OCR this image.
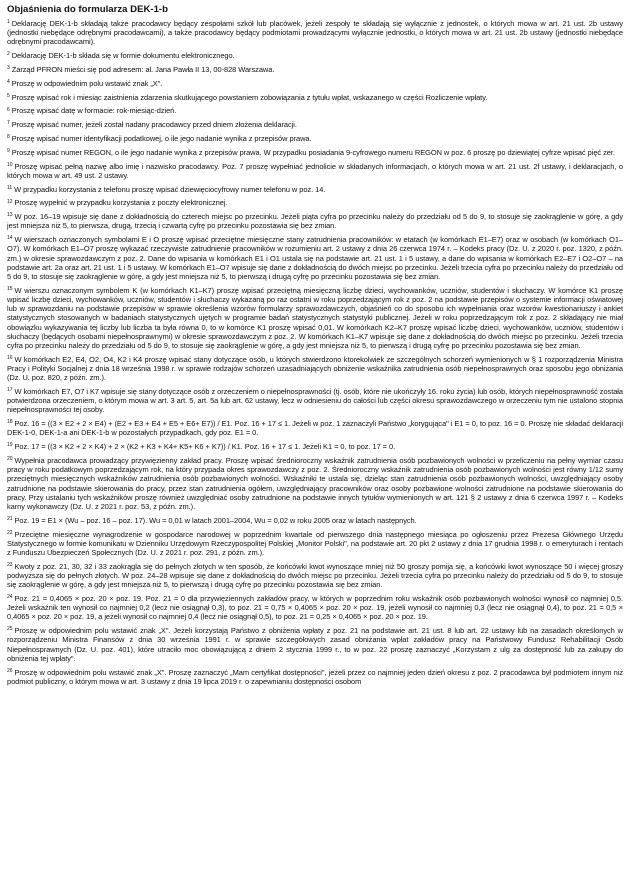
Objaśnienia do formularza DEK-1-b

$^1$ Deklarację DEK-1-b składają także pracodawcy będący zespołami szkół lub placówek, jeżeli zespoły te składają się wyłącznie z jednostek, o których mowa w art. 21 ust. 2b ustawy (jednostki niebędące odrębnymi pracodawcami), a także pracodawcy będący podmiotami prowadzącymi wyłącznie jednostki, o których mowa w art. 21 ust. 2b ustawy (jednostki niebędące odrębnymi pracodawcami).

$^2$ Deklarację DEK-1-b składa się w formie dokumentu elektronicznego.

$^3$ Zarząd PFRON mieści się pod adresem: al. Jana Pawła II 13, 00-828 Warszawa.

$^4$ Proszę w odpowiednim polu wstawić znak „X".

$^5$ Proszę wpisać rok i miesiąc zaistnienia zdarzenia skutkującego powstaniem zobowiązania z tytułu wpłat, wskazanego w części Rozliczenie wpłaty.

$^6$ Proszę wpisać datę w formacie: rok-miesiąc-dzień.

$^7$ Proszę wpisać numer, jeżeli został nadany pracodawcy przed dniem złożenia deklaracji.

$^8$ Proszę wpisać numer identyfikacji podatkowej, o ile jego nadanie wynika z przepisów prawa.

$^9$ Proszę wpisać numer REGON, o ile jego nadanie wynika z przepisów prawa. W przypadku posiadania 9-cyfrowego numeru REGON w poz. 6 proszę po dziewiątej cyfrze wpisać pięć zer.

$^{10}$ Proszę wpisać pełną nazwę albo imię i nazwisko pracodawcy. Poz. 7 proszę wypełniać jednolicie w składanych informacjach, o których mowa w art. 21 ust. 2f ustawy, i deklaracjach, o których mowa w art. 49 ust. 2 ustawy.

$^{11}$ W przypadku korzystania z telefonu proszę wpisać dziewięciocyfrowy numer telefonu w poz. 14.

$^{12}$ Proszę wypełnić w przypadku korzystania z poczty elektronicznej.

$^{13}$ W poz. 16–19 wpisuje się dane z dokładnością do czterech miejsc po przecinku. Jeżeli piąta cyfra po przecinku należy do przedziału od 5 do 9, to stosuje się zaokrąglenie w górę, a gdy jest mniejsza niż 5, to pierwsza, drugą, trzecią i czwartą cyfrę po przecinku pozostawia się bez zmian.

$^{14}$ W wierszach oznaczonych symbolami E i O proszę wpisać przeciętne miesięczne stany zatrudnienia pracowników: w etatach (w komórkach E1–E7) oraz w osobach (w komórkach O1–O7). W komórkach E1–O7 proszę wykazać rzeczywiste zatrudnienie pracowników w rozumieniu art. 2 ustawy z dnia 26 czerwca 1974 r. – Kodeks pracy (Dz. U. z 2020 r. poz. 1320, z późn. zm.) w okresie sprawozdawczym z poz. 2. Dane do wpisania w komórkach E1 i O1 ustala się na podstawie art. 21 ust. 1 i 5 ustawy, a dane do wpisania w komórkach E2–E7 i O2–O7 – na podstawie art. 2a oraz art. 21 ust. 1 i 5 ustawy. W komórkach E1–O7 wpisuje się dane z dokładnością do dwóch miejsc po przecinku. Jeżeli trzecia cyfra po przecinku należy do przedziału od 5 do 9, to stosuje się zaokrąglenie w górę, a gdy jest mniejsza niż 5, to pierwszą i drugą cyfrę po przecinku pozostawia się bez zmian.

$^{15}$ W wierszu oznaczonym symbolem K (w komórkach K1–K7) proszę wpisać przeciętną miesięczną liczbę dzieci, wychowanków, uczniów, studentów i słuchaczy. W komórce K1 proszę wpisać liczbę dzieci, wychowanków, uczniów, studentów i słuchaczy wykazaną po raz ostatni w roku poprzedzającym rok z poz. 2 na podstawie przepisów o systemie informacji oświatowej lub w sprawozdaniu na podstawie przepisów w sprawie określenia wzorów formularzy sprawozdawczych, objaśnień co do sposobu ich wypełniania oraz wzorów kwestionariuszy i ankiet statystycznych stosowanych w badaniach statystycznych ujętych w programie badań statystycznych statystyki publicznej. Jeżeli w roku poprzedzającym rok z poz. 2 składający nie miał obowiązku wykazywania tej liczby lub liczba ta była równa 0, to w komórce K1 proszę wpisać 0,01. W komórkach K2–K7 proszę wpisać liczbę dzieci, wychowanków, uczniów, studentów i słuchaczy (będących osobami niepełnosprawnymi) w okresie sprawozdawczym z poz. 2. W komórkach K1–K7 wpisuje się dane z dokładnością do dwóch miejsc po przecinku. Jeżeli trzecia cyfra po przecinku należy do przedziału od 5 do 9, to stosuje się zaokrąglenie w górę, a gdy jest mniejsza niż 5, to pierwszą i drugą cyfrę po przecinku pozostawia się bez zmian.

$^{16}$ W komórkach E2, E4, O2, O4, K2 i K4 proszę wpisać stany dotyczące osób, u których stwierdzono ktorekolwiek ze szczególnych schorzeń wymienionych w § 1 rozporządzenia Ministra Pracy i Polityki Socjalnej z dnia 18 września 1998 r. w sprawie rodzajów schorzeń uzasadniających obniżenie wskaźnika zatrudnienia osób niepełnosprawnych oraz sposobu jego obniżania (Dz. U. poz. 820, z późn. zm.).

$^{17}$ W komórkach E7, O7 i K7 wpisuje się stany dotyczące osób z orzeczeniem o niepełnosprawności (tj. osób, które nie ukończyły 16. roku życia) lub osób, których niepełnosprawność została potwierdzona orzeczeniem, o którym mowa w art. 3 art. 5, art. 5a lub art. 62 ustawy, lecz w odniesieniu do całości lub części okresu sprawozdawczego w orzeczeniu tym nie ustalono stopnia niepełnosprawności tej osoby.

$^{18}$ Poz. 16 = ((3 × E2 + 2 × E4) + (E2 + E3 + E4 + E5 + E6+ E7)) / E1. Poz. 16 + 17 ≤ 1. Jeżeli w poz. 1 zaznaczyli Państwo „korygująca" i E1 = 0, to poz. 16 = 0. Proszę nie składać deklaracji DEK-1-0, DEK-1-a ani DEK-1-b w pozostałych przypadkach, gdy poz. E1 = 0.

$^{19}$ Poz. 17 = ((3 × K2 + 2 × K4) + 2 × (K2 + K3 + K4+ K5+ K6 + K7)) / K1. Poz. 16 + 17 ≤ 1. Jeżeli K1 = 0, to poz. 17 = 0.

$^{20}$ Wypełnia pracodawca prowadzący przywięzienny zakład pracy. Proszę wpisać średnioroczny wskaźnik zatrudnienia osób pozbawionych wolności w przeliczeniu na pełny wymiar czasu pracy w roku podatkowym poprzedzającym rok, na który przypada okres sprawozdawczy z poz. 2. Średnioroczny wskaźnik zatrudnienia osób pozbawionych wolności jest równy 1/12 sumy przeciętnych miesięcznych wskaźników zatrudnienia osób pozbawionych wolności. Wskaźniki te ustala się, dzieląc stan zatrudnienia osób pozbawionych wolności, uwzględniający osoby zatrudnione na podstawie skierowania do pracy, przez stan zatrudnienia ogółem, uwzględniający pracowników oraz osoby pozbawione wolności zatrudnione na podstawie skierowania do pracy. Przy ustalaniu tych wskaźników proszę również uwzględniać osoby zatrudnione na podstawie innych tytułów wymienionych w art. 121 § 2 ustawy z dnia 6 czerwca 1997 r. – Kodeks karny wykonawczy (Dz. U. z 2021 r. poz. 53, z późn. zm.).

$^{21}$ Poz. 19 = E1 × (Wu – poz. 16 – poz. 17). Wu = 0,01 w latach 2001–2004, Wu = 0,02 w roku 2005 oraz w latach następnych.

$^{22}$ Przeciętne miesięczne wynagrodzenie w gospodarce narodowej w poprzednim kwartale od pierwszego dnia następnego miesiąca po ogłoszeniu przez Prezesa Głównego Urzędu Statystycznego w formie komunikatu w Dzienniku Urzędowym Rzeczypospolitej Polskiej „Monitor Polski", na podstawie art. 20 pkt 2 ustawy z dnia 17 grudnia 1998 r. o emeryturach i rentach z Funduszu Ubezpieczeń Społecznych (Dz. U. z 2021 r. poz. 291, z późn. zm.).

$^{23}$ Kwoty z poz. 21, 30, 32 i 33 zaokrągla się do pełnych złotych w ten sposób, że końcówki kwot wynoszące mniej niż 50 groszy pomija się, a końcówki kwot wynoszące 50 i więcej groszy podwyższa się do pełnych złotych. W poz. 24–28 wpisuje się dane z dokładnością do dwóch miejsc po przecinku. Jeżeli trzecia cyfra po przecinku należy do przedziału od 5 do 9, to stosuje się zaokrąglenie w górę, a gdy jest mniejsza niż 5, to pierwszą i drugą cyfrę po przecinku pozostawia się bez zmian.

$^{24}$ Poz. 21 = 0,4065 × poz. 20 × poz. 19. Poz. 21 = 0 dla przywięziennych zakładów pracy, w których w poprzednim roku wskaźnik osób pozbawionych wolności wynosił co najmniej 0,5. Jeżeli wskaźnik ten wynosił co najmniej 0,2 (lecz nie osiągnął 0,3), to poz. 21 = 0,75 × 0,4065 × poz. 20 × poz. 19, jeżeli wynosił co najmniej 0,3 (lecz nie osiągnął 0,4), to poz. 21 = 0,5 × 0,4065 × poz. 20 × poz. 19, a jeżeli wynosił co najmniej 0,4 (lecz nie osiągnął 0,5), to poz. 21 = 0,25 × 0,4065 × poz. 20 × poz. 19.

$^{25}$ Proszę w odpowiednim polu wstawić znak „X". Jeżeli korzystają Państwo z obniżenia wpłaty z poz. 21 na podstawie art. 21 ust. 8 lub art. 22 ustawy lub na zasadach określonych w rozporządzeniu Ministra Finansów z dnia 30 września 1991 r. w sprawie szczegółowych zasad obniżania wpłat zakładów pracy na Państwowy Fundusz Rehabilitacji Osób Niepełnosprawnych (Dz. U. poz. 401), które utraciło moc obowiązującą z dniem 2 stycznia 1999 r., to w poz. 22 proszę zaznaczyć „Korzystam z ulg za dostępność lub za zakupy do obniżenia tej wpłaty".

$^{26}$ Proszę w odpowiednim polu wstawić znak „X". Proszę zaznaczyć „Mam certyfikat dostępności", jeżeli przez co najmniej jeden dzień okresu z poz. 2 pracodawca był podmiotem innym niż podmiot publiczny, o którym mowa w art. 3 ustawy z dnia 19 lipca 2019 r. o zapewnianiu dostępności osobom
